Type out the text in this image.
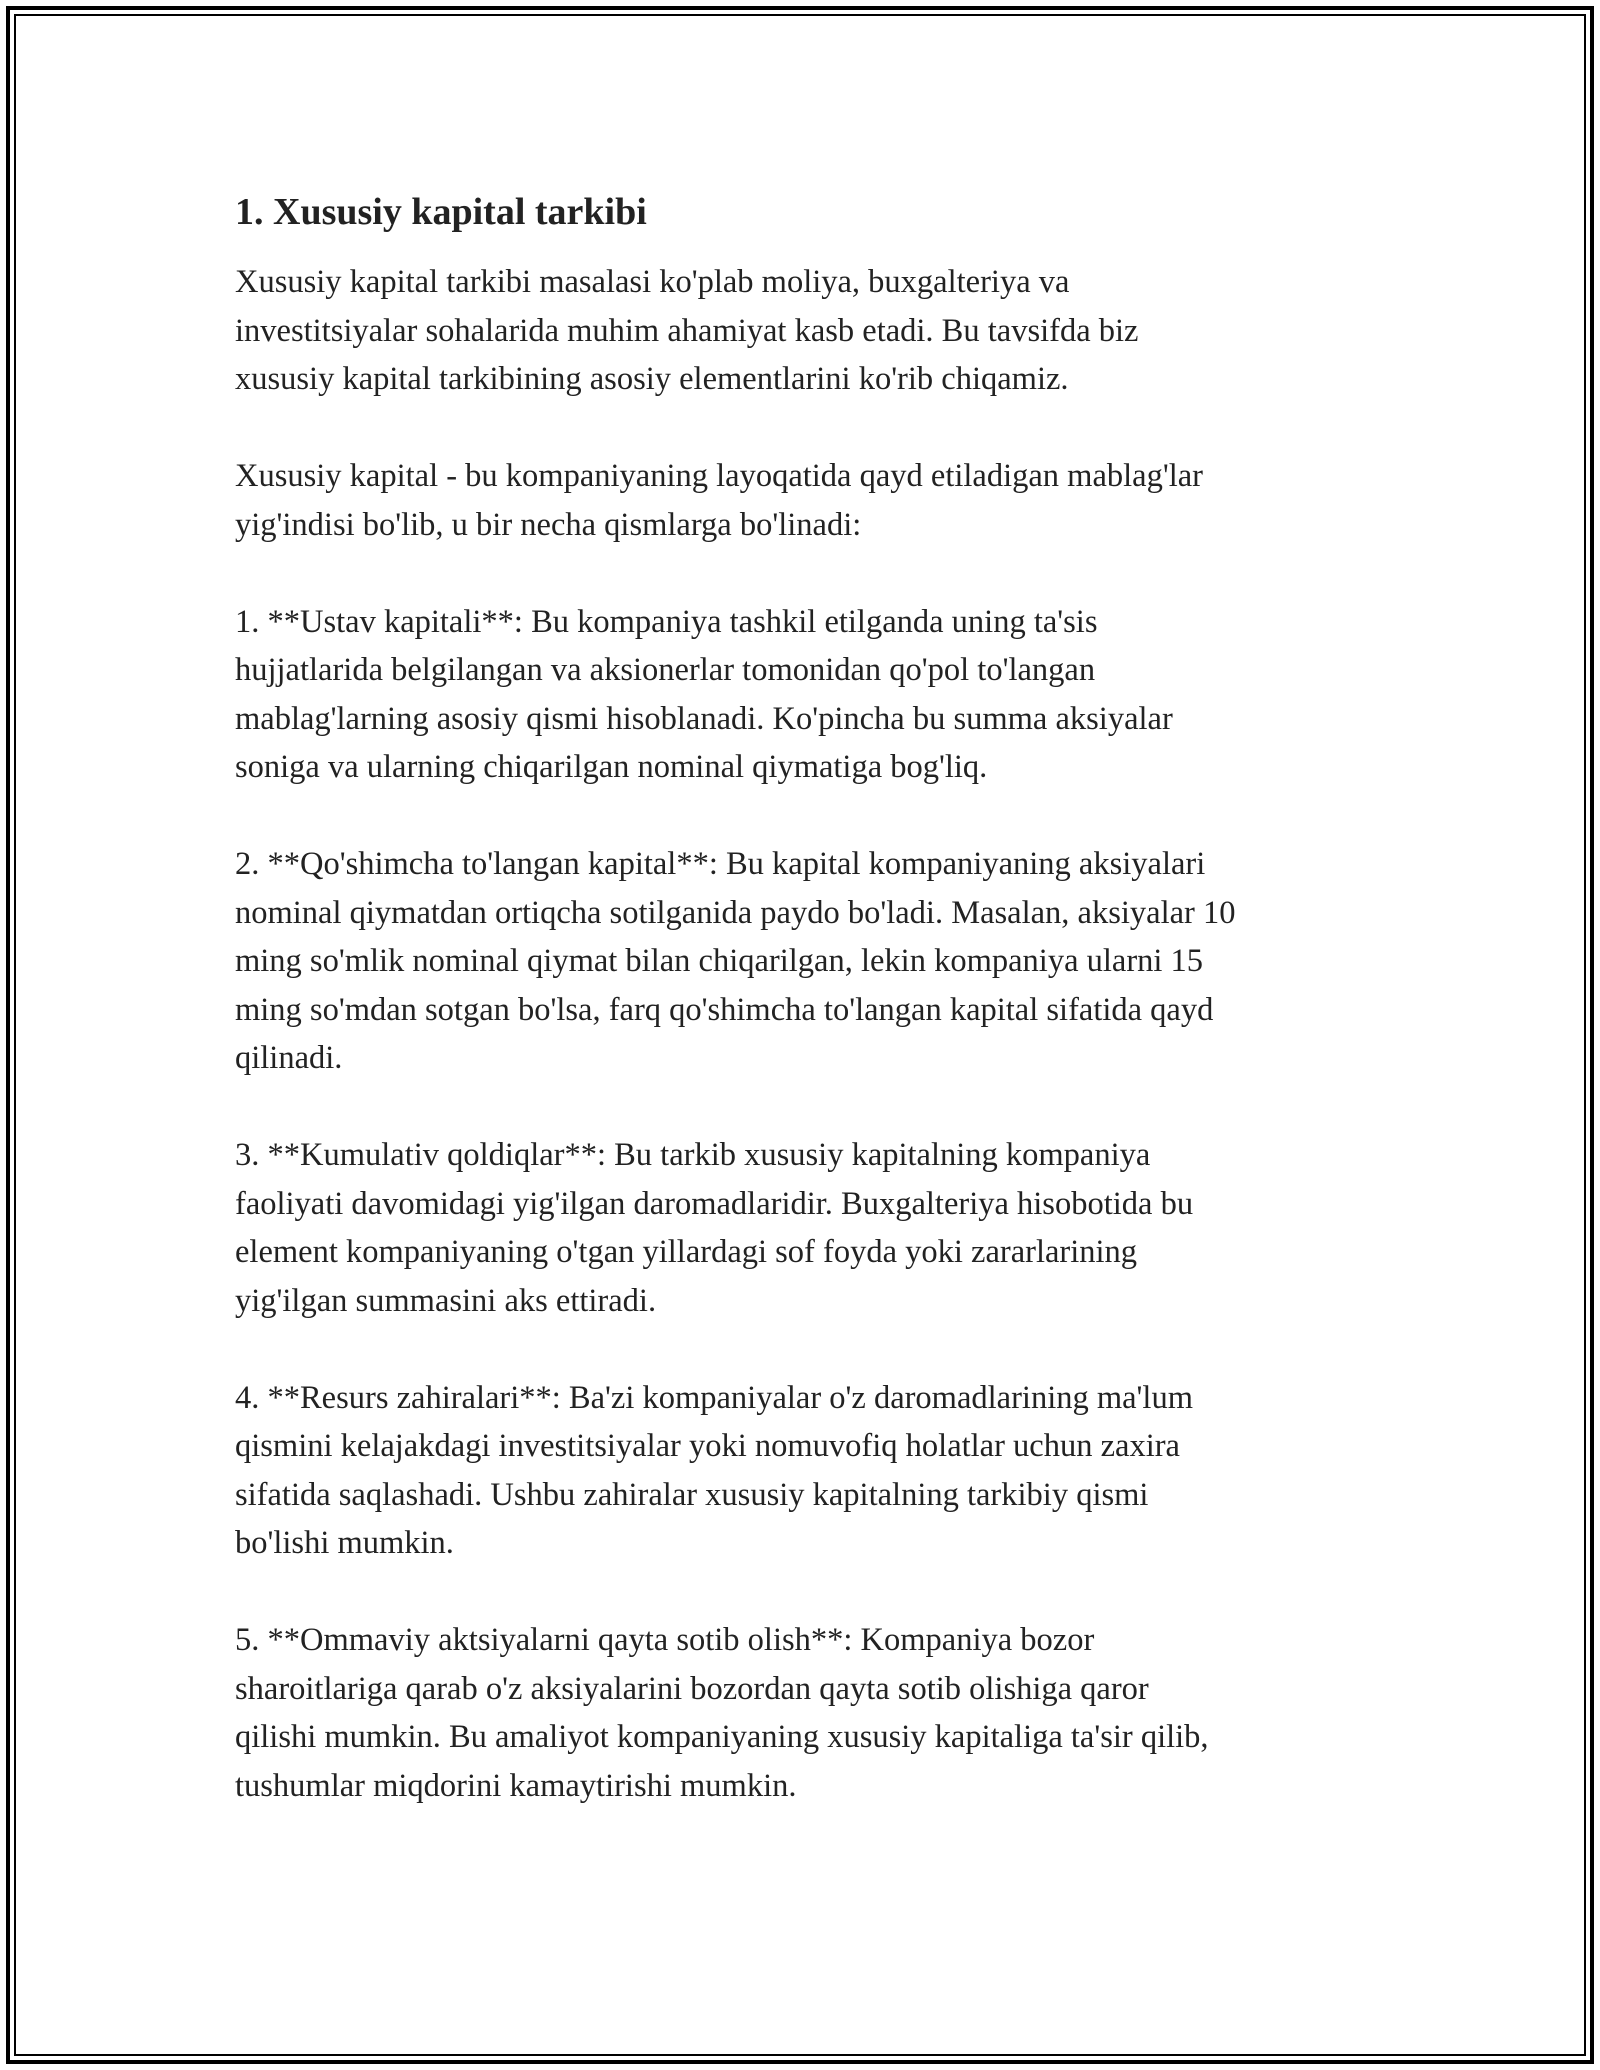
1. Xususiy kapital tarkibi

Xususiy kapital tarkibi masalasi ko'plab moliya, buxgalteriya va
investitsiyalar sohalarida muhim ahamiyat kasb etadi. Bu tavsifda biz
xususiy kapital tarkibining asosiy elementlarini ko'rib chiqamiz.

Xususiy kapital - bu kompaniyaning layoqatida qayd etiladigan mablag'lar
yig'indisi bo'lib, u bir necha qismlarga bo'linadi:

1. **Ustav kapitali**: Bu kompaniya tashkil etilganda uning ta'sis
hujjatlarida belgilangan va aksionerlar tomonidan qo'pol to'langan
mablag'larning asosiy qismi hisoblanadi. Ko'pincha bu summa aksiyalar
soniga va ularning chiqarilgan nominal qiymatiga bog'liq.

2. **Qo'shimcha to'langan kapital**: Bu kapital kompaniyaning aksiyalari
nominal qiymatdan ortiqcha sotilganida paydo bo'ladi. Masalan, aksiyalar 10
ming so'mlik nominal qiymat bilan chiqarilgan, lekin kompaniya ularni 15
ming so'mdan sotgan bo'lsa, farq qo'shimcha to'langan kapital sifatida qayd
qilinadi.

3. **Kumulativ qoldiqlar**: Bu tarkib xususiy kapitalning kompaniya
faoliyati davomidagi yig'ilgan daromadlaridir. Buxgalteriya hisobotida bu
element kompaniyaning o'tgan yillardagi sof foyda yoki zararlarining
yig'ilgan summasini aks ettiradi.

4. **Resurs zahiralari**: Ba'zi kompaniyalar o'z daromadlarining ma'lum
qismini kelajakdagi investitsiyalar yoki nomuvofiq holatlar uchun zaxira
sifatida saqlashadi. Ushbu zahiralar xususiy kapitalning tarkibiy qismi
bo'lishi mumkin.

5. **Ommaviy aktsiyalarni qayta sotib olish**: Kompaniya bozor
sharoitlariga qarab o'z aksiyalarini bozordan qayta sotib olishiga qaror
qilishi mumkin. Bu amaliyot kompaniyaning xususiy kapitaliga ta'sir qilib,
tushumlar miqdorini kamaytirishi mumkin.
